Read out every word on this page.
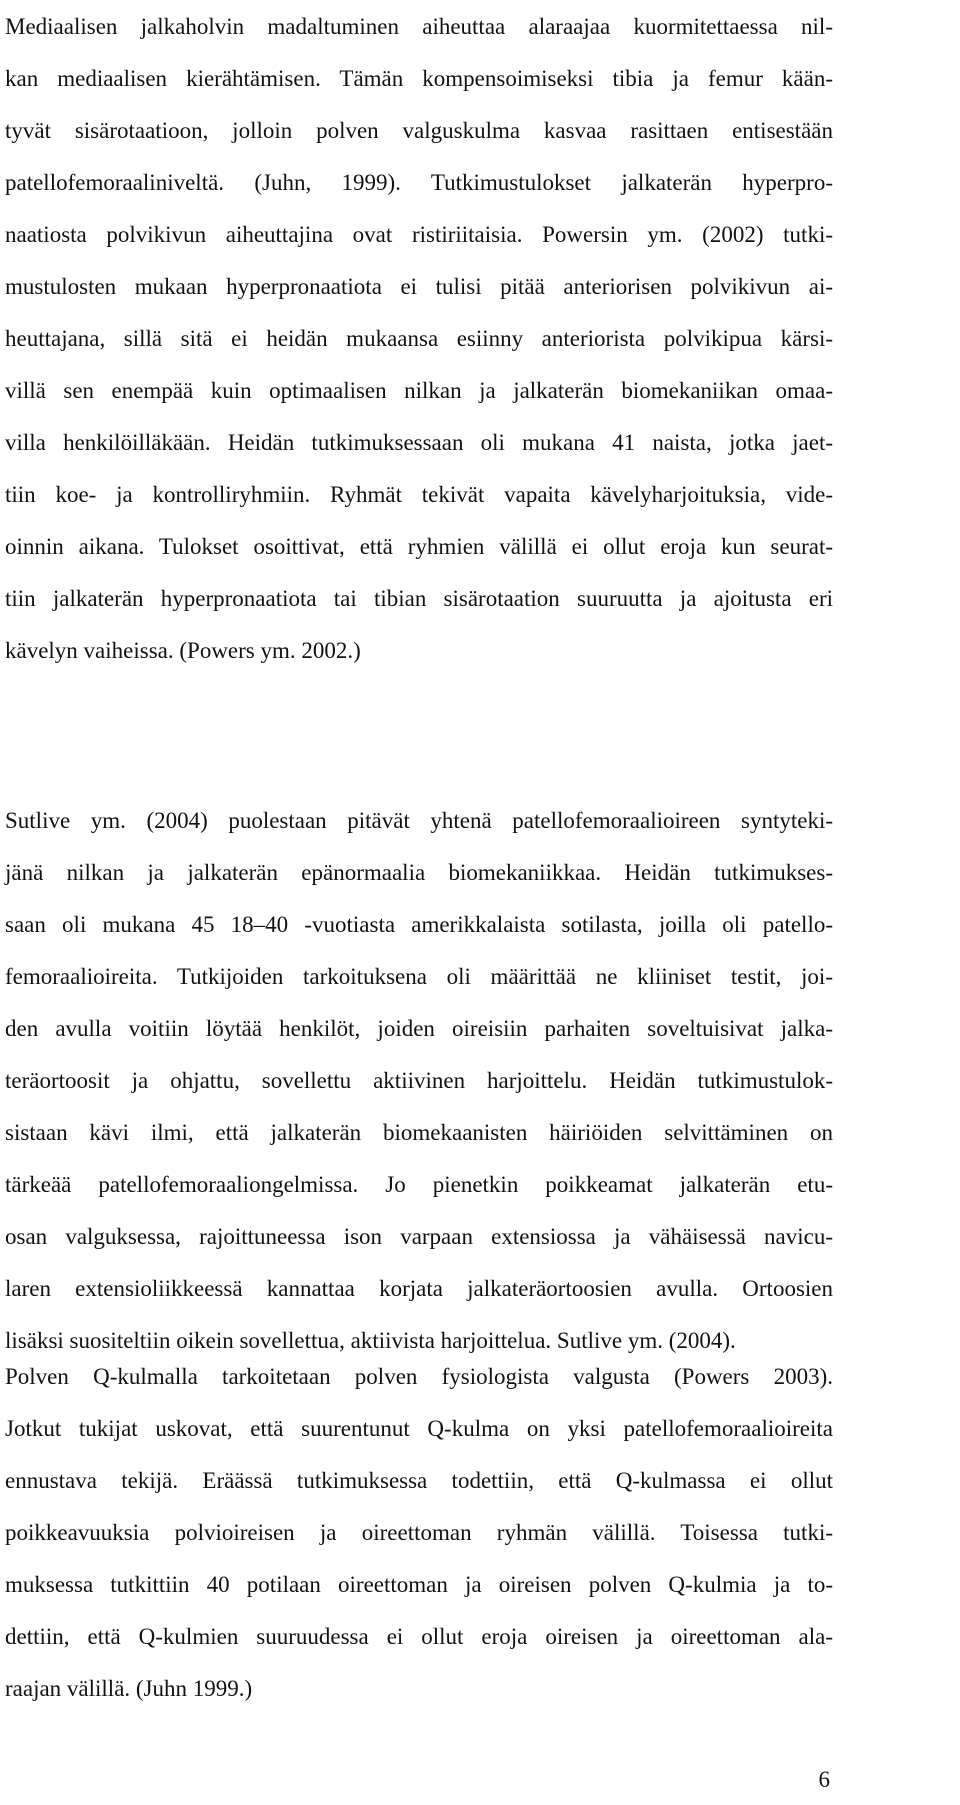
Mediaalisen jalkaholvin madaltuminen aiheuttaa alaraajaa kuormitettaessa nil-
kan mediaalisen kierähtämisen. Tämän kompensoimiseksi tibia ja femur kään-
tyvät sisärotaatioon, jolloin polven valguskulma kasvaa rasittaen entisestään
patellofemoraaliniveltä. (Juhn, 1999). Tutkimustulokset jalkaterän hyperpro-
naatiosta polvikivun aiheuttajina ovat ristiriitaisia. Powersin ym. (2002) tutki-
mustulosten mukaan hyperpronaatiota ei tulisi pitää anteriorisen polvikivun ai-
heuttajana, sillä sitä ei heidän mukaansa esiinny anteriorista polvikipua kärsi-
villä sen enempää kuin optimaalisen nilkan ja jalkaterän biomekaniikan omaa-
villa henkilöilläkään. Heidän tutkimuksessaan oli mukana 41 naista, jotka jaet-
tiin koe- ja kontrolliryhmiin. Ryhmät tekivät vapaita kävelyharjoituksia, vide-
oinnin aikana. Tulokset osoittivat, että ryhmien välillä ei ollut eroja kun seurat-
tiin jalkaterän hyperpronaatiota tai tibian sisärotaation suuruutta ja ajoitusta eri
kävelyn vaiheissa. (Powers ym. 2002.)
Sutlive ym. (2004) puolestaan pitävät yhtenä patellofemoraalioireen syntyteki-
jänä nilkan ja jalkaterän epänormaalia biomekaniikkaa. Heidän tutkimukses-
saan oli mukana 45 18–40 -vuotiasta amerikkalaista sotilasta, joilla oli patello-
femoraalioireita. Tutkijoiden tarkoituksena oli määrittää ne kliiniset testit, joi-
den avulla voitiin löytää henkilöt, joiden oireisiin parhaiten soveltuisivat jalka-
teräortoosit ja ohjattu, sovellettu aktiivinen harjoittelu. Heidän tutkimustulok-
sistaan kävi ilmi, että jalkaterän biomekaanisten häiriöiden selvittäminen on
tärkeää patellofemoraaliongelmissa. Jo pienetkin poikkeamat jalkaterän etu-
osan valguksessa, rajoittuneessa ison varpaan extensiossa ja vähäisessä navicu-
laren extensioliikkeessä kannattaa korjata jalkateräortoosien avulla. Ortoosien
lisäksi suositeltiin oikein sovellettua, aktiivista harjoittelua. Sutlive ym. (2004).
Polven Q-kulmalla tarkoitetaan polven fysiologista valgusta (Powers 2003).
Jotkut tukijat uskovat, että suurentunut Q-kulma on yksi patellofemoraalioireita
ennustava tekijä. Eräässä tutkimuksessa todettiin, että Q-kulmassa ei ollut
poikkeavuuksia polvioireisen ja oireettoman ryhmän välillä. Toisessa tutki-
muksessa tutkittiin 40 potilaan oireettoman ja oireisen polven Q-kulmia ja to-
dettiin, että Q-kulmien suuruudessa ei ollut eroja oireisen ja oireettoman ala-
raajan välillä. (Juhn 1999.)
6
